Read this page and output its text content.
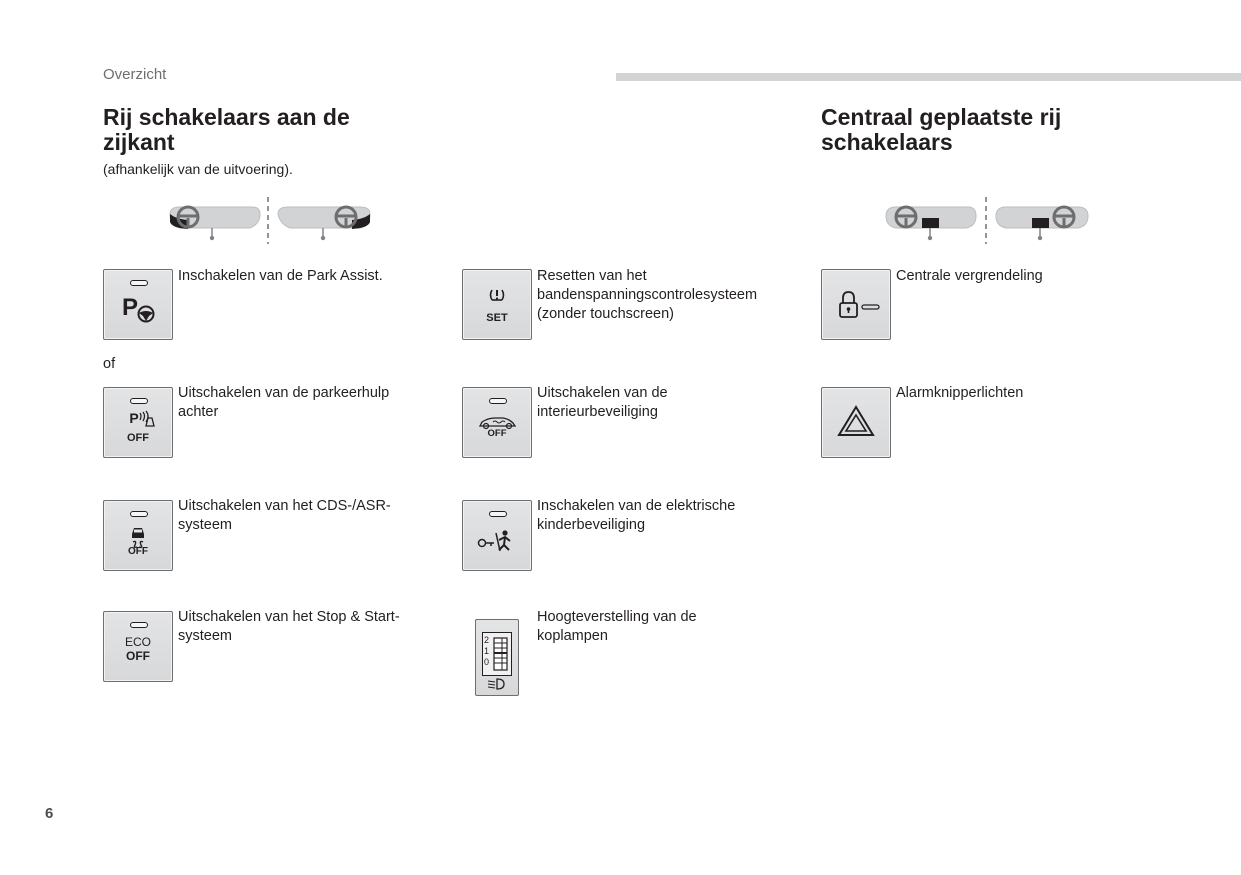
Overzicht
Rij schakelaars aan de
zijkant
(afhankelijk van de uitvoering).
Centraal geplaatste rij
schakelaars
P
Inschakelen van de Park Assist.
of
P
OFF
Uitschakelen van de parkeerhulp
achter
OFF
Uitschakelen van het CDS-/ASR-
systeem
ECO
OFF
Uitschakelen van het Stop & Start-
systeem
SET
Resetten van het
bandenspanningscontrolesysteem
(zonder touchscreen)
OFF
Uitschakelen van de
interieurbeveiliging
Inschakelen van de elektrische
kinderbeveiliging
2
1
0
Hoogteverstelling van de
koplampen
Centrale vergrendeling
Alarmknipperlichten
6
